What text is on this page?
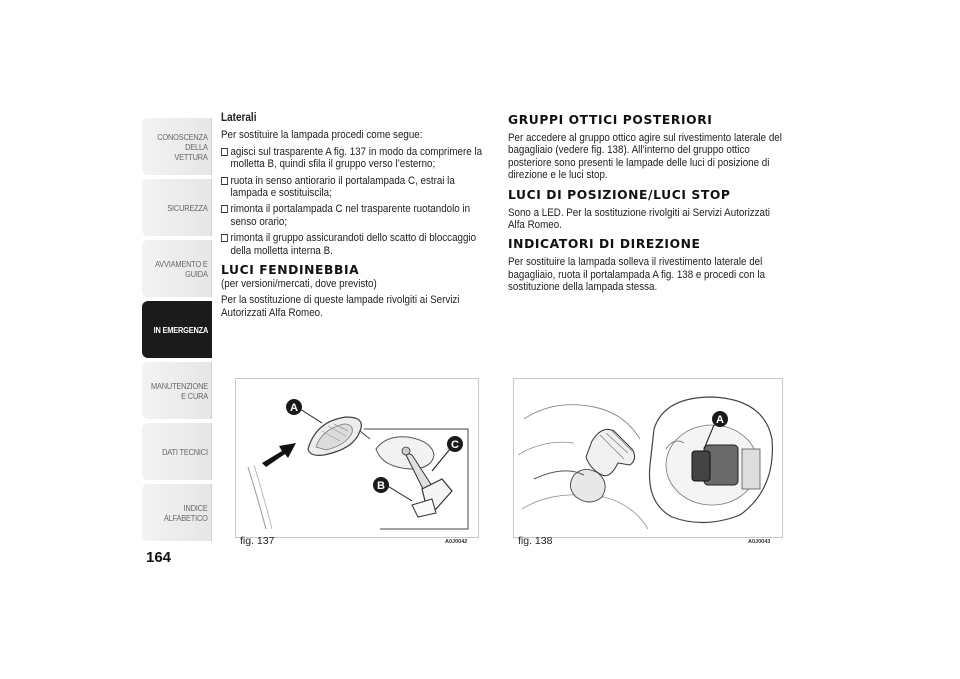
CONOSCENZA DELLA VETTURA
SICUREZZA
AVVIAMENTO E GUIDA
IN EMERGENZA
MANUTENZIONE E CURA
DATI TECNICI
INDICE ALFABETICO
164
Laterali

Per sostituire la lampada procedi come segue:

agisci sul trasparente A fig. 137 in modo da comprimere la molletta B, quindi sfila il gruppo verso l’esterno;
ruota in senso antiorario il portalampada C, estrai la lampada e sostituiscila;
rimonta il portalampada C nel trasparente ruotandolo in senso orario;
rimonta il gruppo assicurandoti dello scatto di bloccaggio della molletta interna B.
LUCI FENDINEBBIA

(per versioni/mercati, dove previsto)

Per la sostituzione di queste lampade rivolgiti ai Servizi Autorizzati Alfa Romeo.

GRUPPI OTTICI POSTERIORI

Per accedere al gruppo ottico agire sul rivestimento laterale del bagagliaio (vedere fig. 138). All’interno del gruppo ottico posteriore sono presenti le lampade delle luci di posizione di direzione e le luci stop.

LUCI DI POSIZIONE/LUCI STOP

Sono a LED. Per la sostituzione rivolgiti ai Servizi Autorizzati Alfa Romeo.

INDICATORI DI DIREZIONE

Per sostituire la lampada solleva il rivestimento laterale del bagagliaio, ruota il portalampada A fig. 138 e procedi con la sostituzione della lampada stessa.

A
C
B
fig. 137	A0J0042
A
fig. 138	A0J0043
